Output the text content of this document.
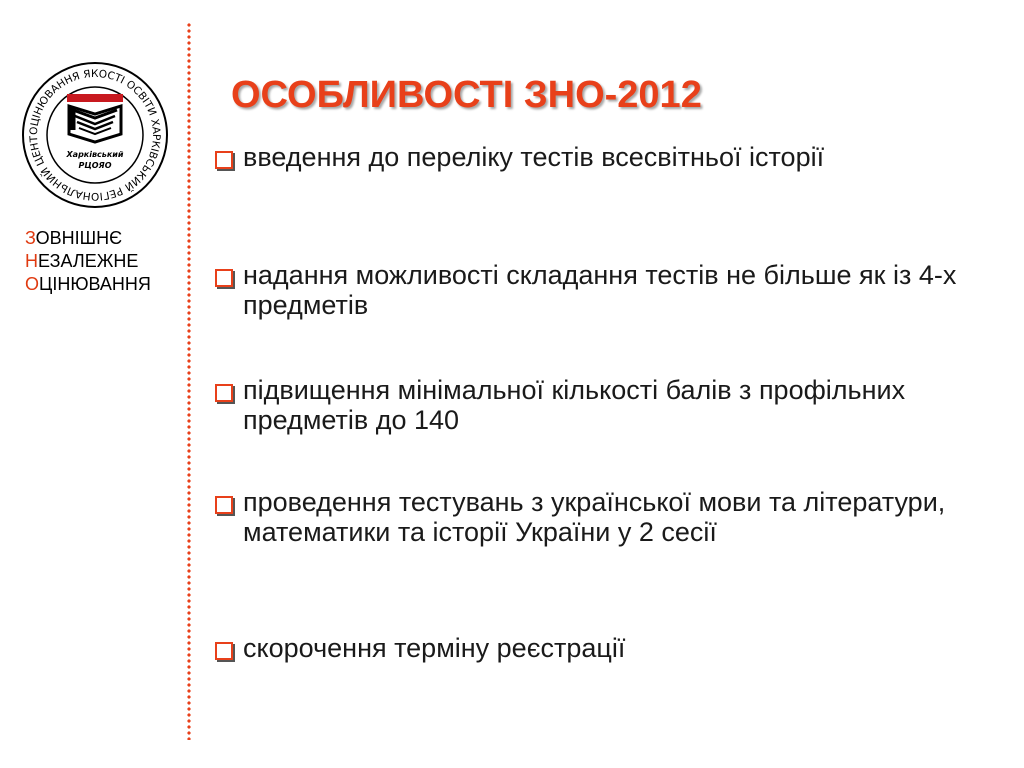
ОЦІНЮВАННЯ ЯКОСТІ ОСВІТИ ХАРКІВСЬКИЙ РЕГІОНАЛЬНИЙ ЦЕНТ
Харківський
РЦОЯО
ЗОВНІШНЄ
НЕЗАЛЕЖНЕ
ОЦІНЮВАННЯ
ОСОБЛИВОСТІ ЗНО-2012
введення до переліку тестів всесвітньої історії
надання можливості складання тестів не більше як із 4-х предметів
підвищення мінімальної кількості балів з профільних предметів до 140
проведення тестувань з української мови та літератури, математики та історії України у 2 сесії
скорочення терміну реєстрації
